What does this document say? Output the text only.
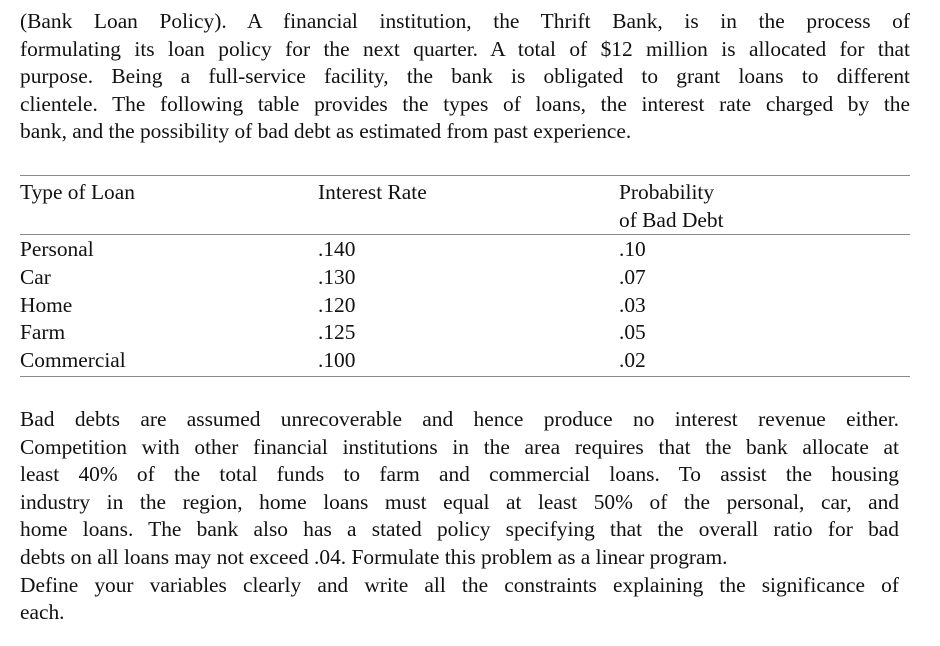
(Bank Loan Policy). A financial institution, the Thrift Bank, is in the process of
formulating its loan policy for the next quarter. A total of $12 million is allocated for that
purpose. Being a full-service facility, the bank is obligated to grant loans to different
clientele. The following table provides the types of loans, the interest rate charged by the
bank, and the possibility of bad debt as estimated from past experience.

Type of Loan	Interest Rate	Probability
of Bad Debt
Personal	.140	.10
Car	.130	.07
Home	.120	.03
Farm	.125	.05
Commercial	.100	.02

Bad debts are assumed unrecoverable and hence produce no interest revenue either.
Competition with other financial institutions in the area requires that the bank allocate at
least 40% of the total funds to farm and commercial loans. To assist the housing
industry in the region, home loans must equal at least 50% of the personal, car, and
home loans. The bank also has a stated policy specifying that the overall ratio for bad
debts on all loans may not exceed .04. Formulate this problem as a linear program.
Define your variables clearly and write all the constraints explaining the significance of
each.
